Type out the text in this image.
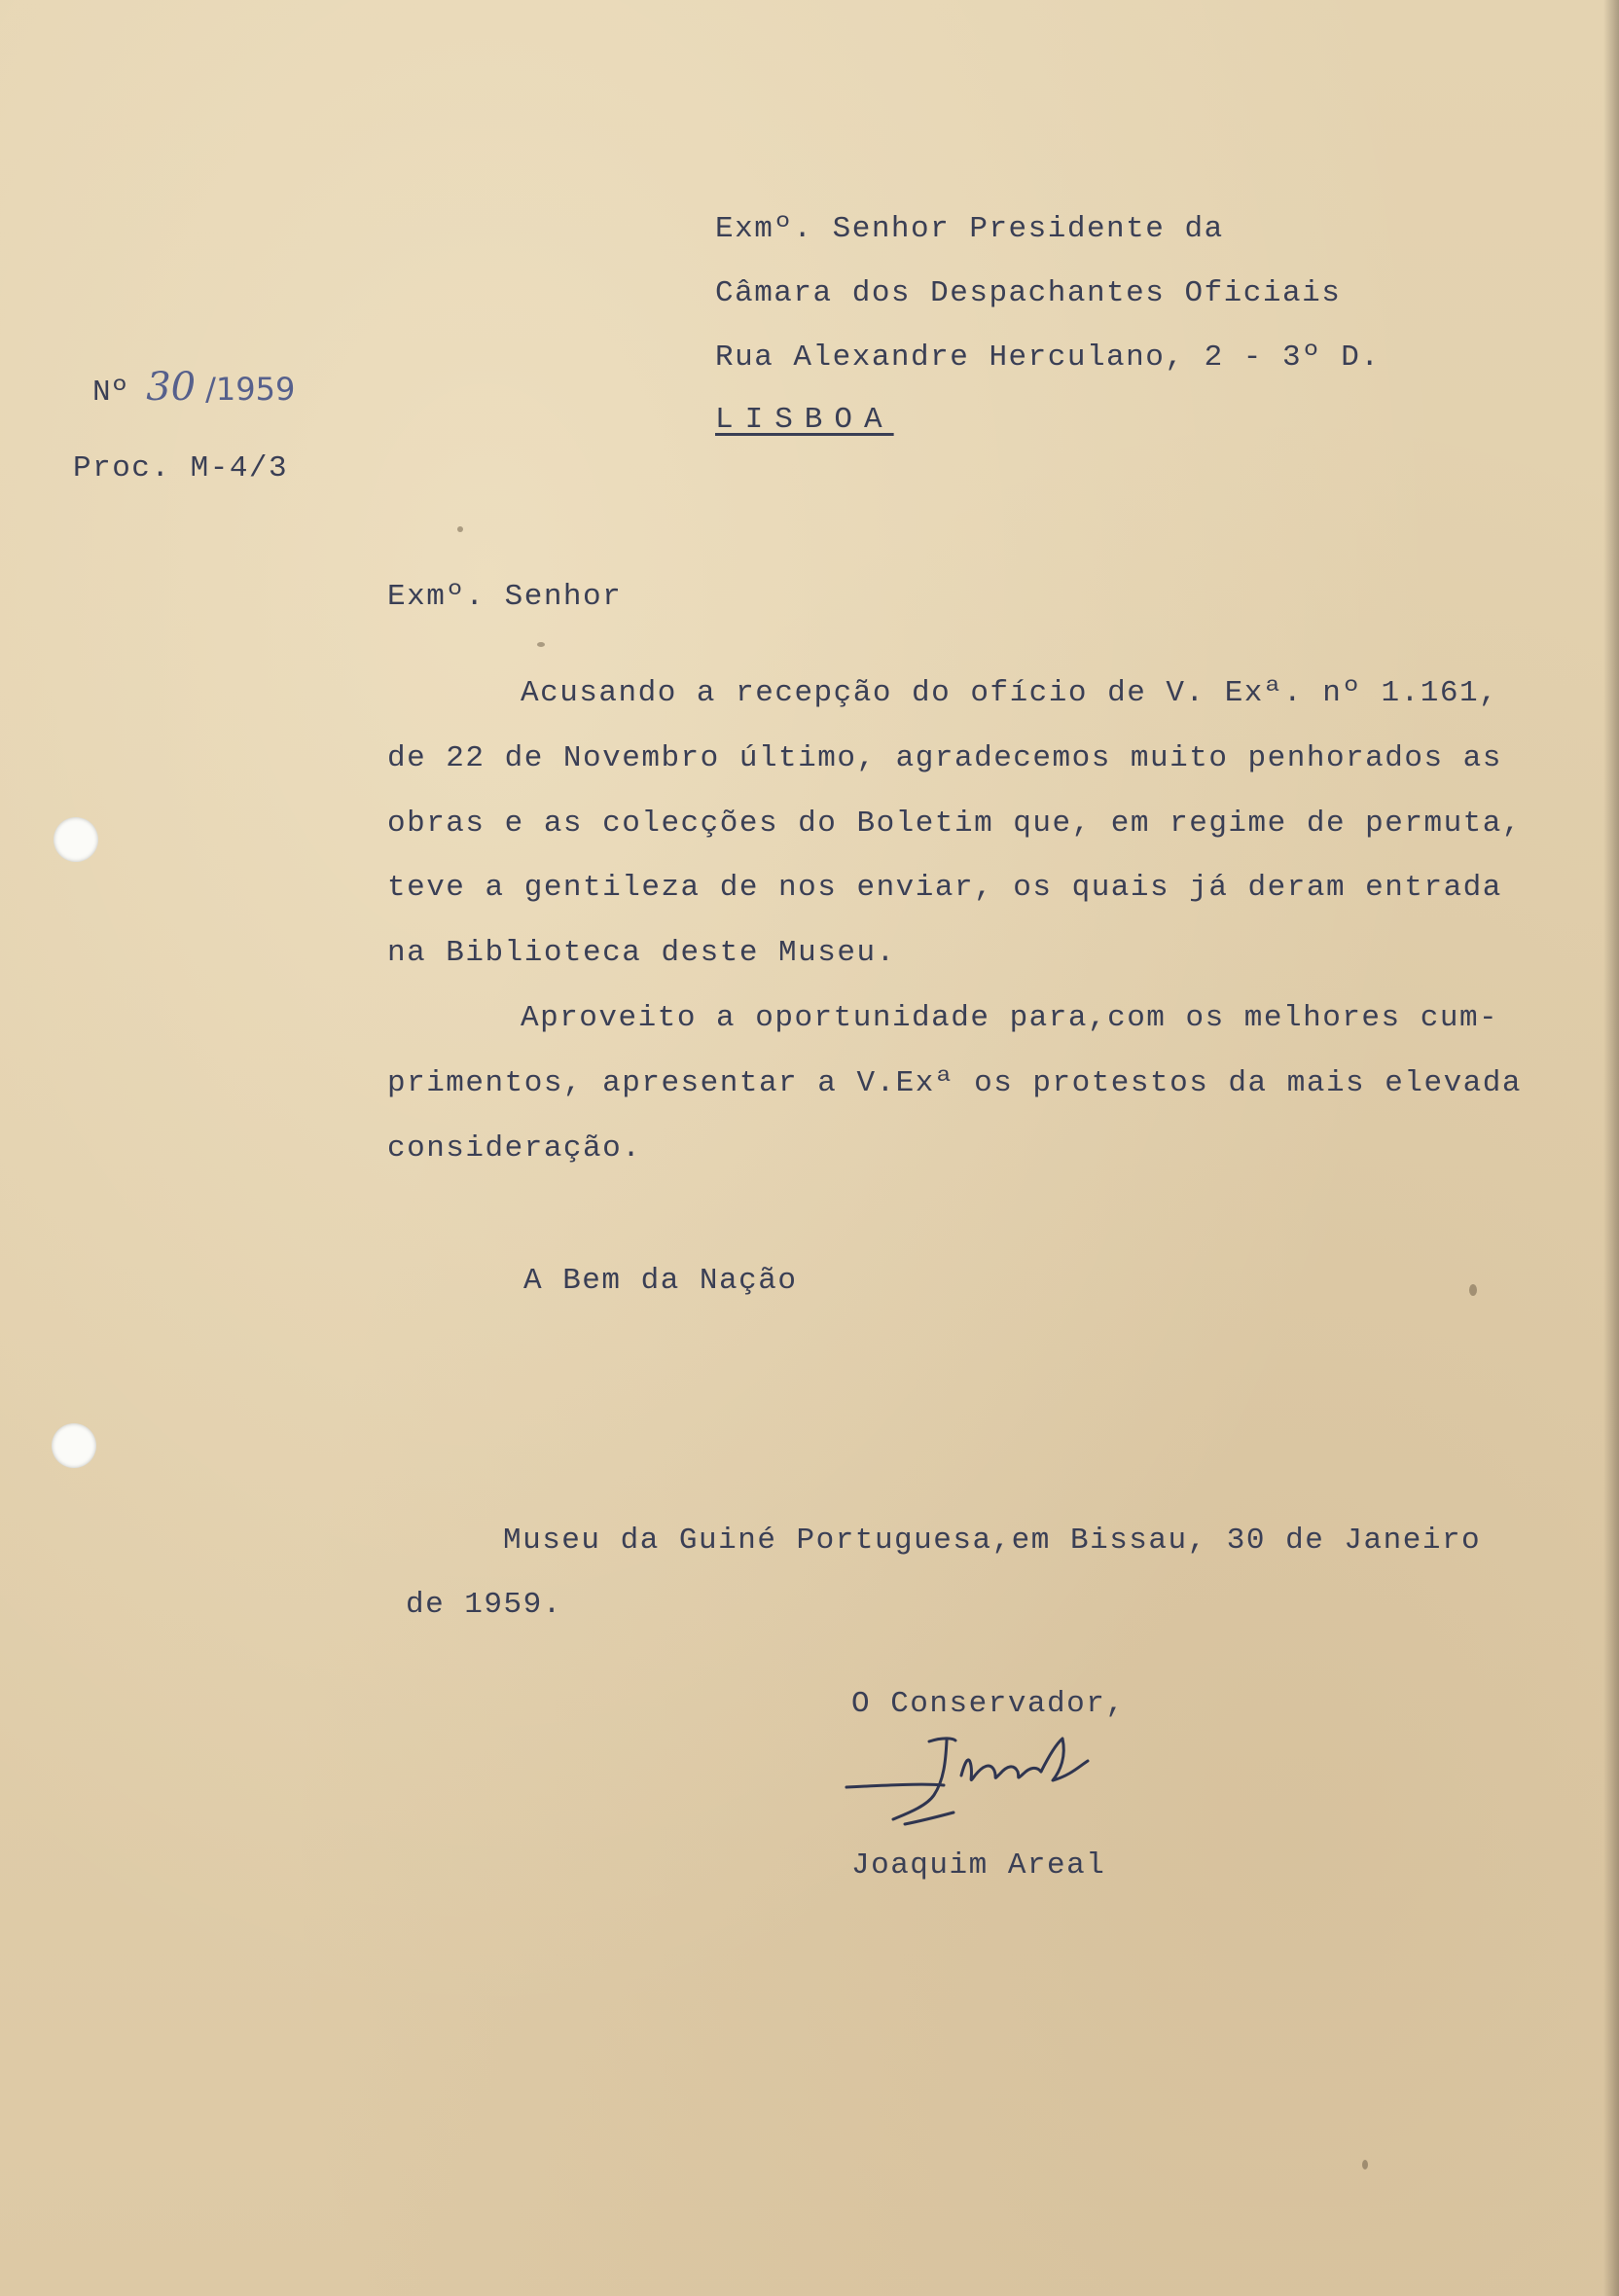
Exmº. Senhor Presidente da
Câmara dos Despachantes Oficiais
Rua Alexandre Herculano, 2 - 3º D.
LISBOA
Nº 30 /1959
Proc. M-4/3
Exmº. Senhor
Acusando a recepção do ofício de V. Exª. nº 1.161,
de 22 de Novembro último, agradecemos muito penhorados as
obras e as colecções do Boletim que, em regime de permuta,
teve a gentileza de nos enviar, os quais já deram entrada
na Biblioteca deste Museu.
Aproveito a oportunidade para,com os melhores cum-
primentos, apresentar a V.Exª os protestos da mais elevada
consideração.
A Bem da Nação
Museu da Guiné Portuguesa,em Bissau, 30 de Janeiro
de 1959.
O Conservador,
Joaquim Areal
